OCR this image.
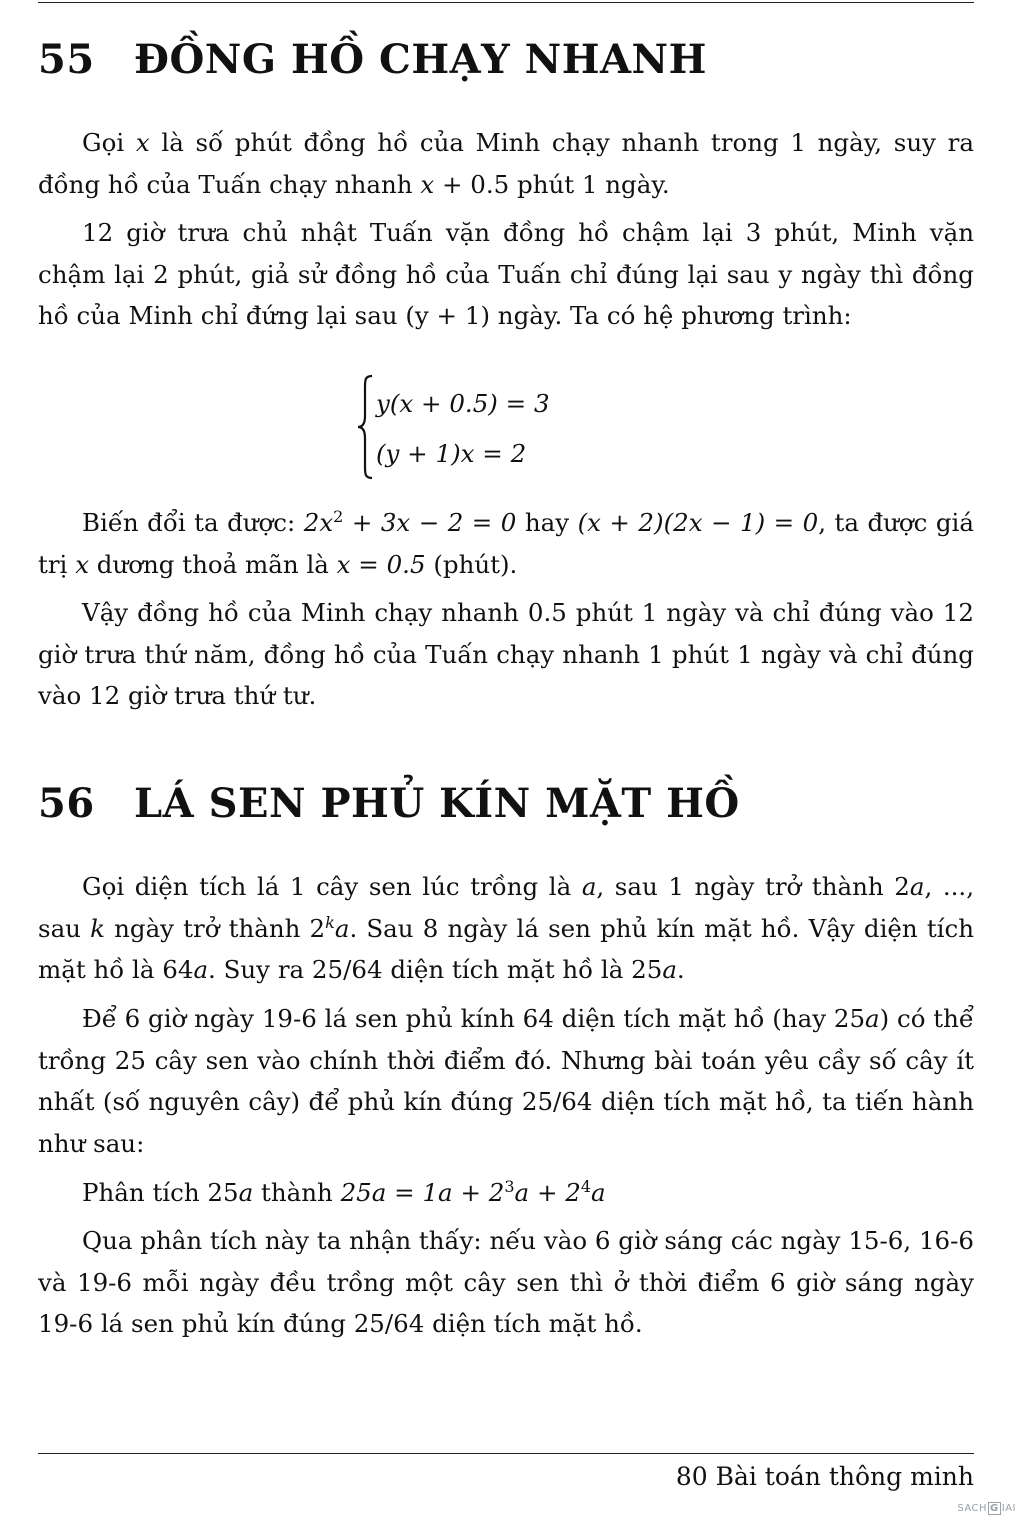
55 ĐỒNG HỒ CHẠY NHANH

Gọi x là số phút đồng hồ của Minh chạy nhanh trong 1 ngày, suy ra đồng hồ của Tuấn chạy nhanh x + 0.5 phút 1 ngày.

12 giờ trưa chủ nhật Tuấn vặn đồng hồ chậm lại 3 phút, Minh vặn chậm lại 2 phút, giả sử đồng hồ của Tuấn chỉ đúng lại sau y ngày thì đồng hồ của Minh chỉ đứng lại sau (y + 1) ngày. Ta có hệ phương trình:

Biến đổi ta được: $2x^2 + 3x - 2 = 0$ hay (x + 2)(2x − 1) = 0, ta được giá trị x dương thoả mãn là x = 0.5 (phút).

Vậy đồng hồ của Minh chạy nhanh 0.5 phút 1 ngày và chỉ đúng vào 12 giờ trưa thứ năm, đồng hồ của Tuấn chạy nhanh 1 phút 1 ngày và chỉ đúng vào 12 giờ trưa thứ tư.

56 LÁ SEN PHỦ KÍN MẶT HỒ

Gọi diện tích lá 1 cây sen lúc trồng là a, sau 1 ngày trở thành 2a, ..., sau k ngày trở thành 2$^k$a. Sau 8 ngày lá sen phủ kín mặt hồ. Vậy diện tích mặt hồ là 64a. Suy ra 25/64 diện tích mặt hồ là 25a.

Để 6 giờ ngày 19-6 lá sen phủ kính 64 diện tích mặt hồ (hay 25a) có thể trồng 25 cây sen vào chính thời điểm đó. Nhưng bài toán yêu cầy số cây ít nhất (số nguyên cây) để phủ kín đúng 25/64 diện tích mặt hồ, ta tiến hành như sau:

Phân tích 25a thành $25a = 1a + 2^3a + 2^4a$

Qua phân tích này ta nhận thấy: nếu vào 6 giờ sáng các ngày 15-6, 16-6 và 19-6 mỗi ngày đều trồng một cây sen thì ở thời điểm 6 giờ sáng ngày 19-6 lá sen phủ kín đúng 25/64 diện tích mặt hồ.

y(x + 0.5) = 3
(y + 1)x = 2
80 Bài toán thông minh
SACH G IAI
